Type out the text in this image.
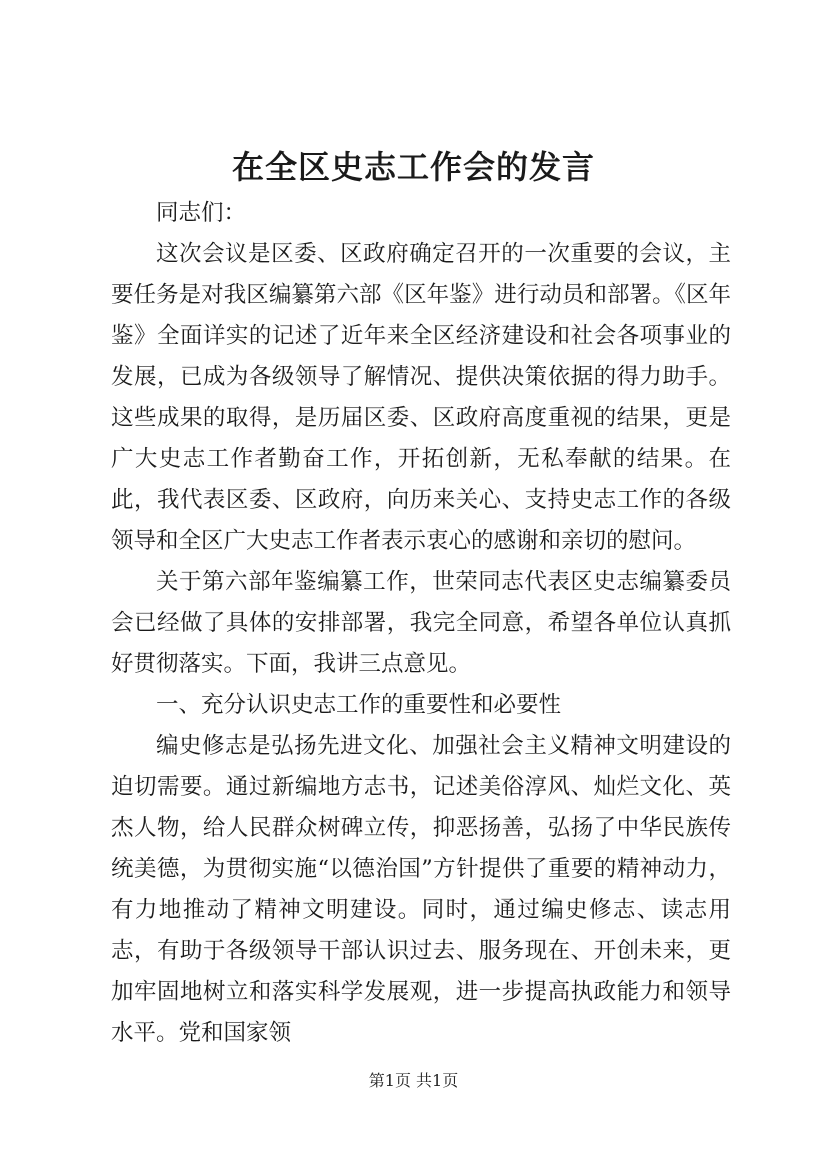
在全区史志工作会的发言

同志们：

这次会议是区委、区政府确定召开的一次重要的会议，主要任务是对我区编纂第六部《区年鉴》进行动员和部署。《区年鉴》全面详实的记述了近年来全区经济建设和社会各项事业的发展，已成为各级领导了解情况、提供决策依据的得力助手。这些成果的取得，是历届区委、区政府高度重视的结果，更是广大史志工作者勤奋工作，开拓创新，无私奉献的结果。在此，我代表区委、区政府，向历来关心、支持史志工作的各级领导和全区广大史志工作者表示衷心的感谢和亲切的慰问。

关于第六部年鉴编纂工作，世荣同志代表区史志编纂委员会已经做了具体的安排部署，我完全同意，希望各单位认真抓好贯彻落实。下面，我讲三点意见。

一、充分认识史志工作的重要性和必要性

编史修志是弘扬先进文化、加强社会主义精神文明建设的迫切需要。通过新编地方志书，记述美俗淳风、灿烂文化、英杰人物，给人民群众树碑立传，抑恶扬善，弘扬了中华民族传统美德，为贯彻实施“以德治国”方针提供了重要的精神动力，有力地推动了精神文明建设。同时，通过编史修志、读志用志，有助于各级领导干部认识过去、服务现在、开创未来，更加牢固地树立和落实科学发展观，进一步提高执政能力和领导水平。党和国家领

第1页 共1页
